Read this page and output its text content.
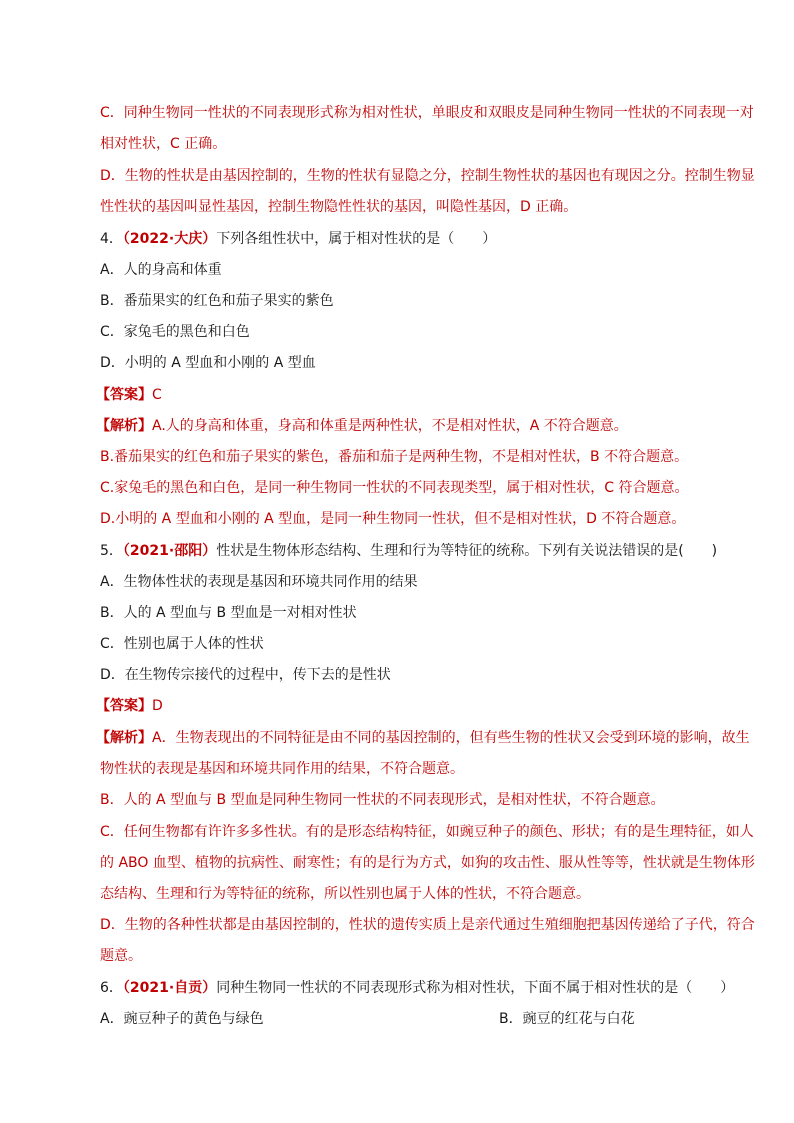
C．同种生物同一性状的不同表现形式称为相对性状，单眼皮和双眼皮是同种生物同一性状的不同表现一对
相对性状，C 正确。
D．生物的性状是由基因控制的，生物的性状有显隐之分，控制生物性状的基因也有现因之分。控制生物显
性性状的基因叫显性基因，控制生物隐性性状的基因，叫隐性基因，D 正确。
4．（2022·大庆）下列各组性状中，属于相对性状的是（　　）
A．人的身高和体重
B．番茄果实的红色和茄子果实的紫色
C．家兔毛的黑色和白色
D．小明的 A 型血和小刚的 A 型血
【答案】C
【解析】A.人的身高和体重，身高和体重是两种性状，不是相对性状，A 不符合题意。
B.番茄果实的红色和茄子果实的紫色，番茄和茄子是两种生物，不是相对性状，B 不符合题意。
C.家兔毛的黑色和白色，是同一种生物同一性状的不同表现类型，属于相对性状，C 符合题意。
D.小明的 A 型血和小刚的 A 型血，是同一种生物同一性状，但不是相对性状，D 不符合题意。
5．（2021·邵阳）性状是生物体形态结构、生理和行为等特征的统称。下列有关说法错误的是(　　)
A．生物体性状的表现是基因和环境共同作用的结果
B．人的 A 型血与 B 型血是一对相对性状
C．性别也属于人体的性状
D．在生物传宗接代的过程中，传下去的是性状
【答案】D
【解析】A．生物表现出的不同特征是由不同的基因控制的，但有些生物的性状又会受到环境的影响，故生
物性状的表现是基因和环境共同作用的结果，不符合题意。
B．人的 A 型血与 B 型血是同种生物同一性状的不同表现形式，是相对性状，不符合题意。
C．任何生物都有许许多多性状。有的是形态结构特征，如豌豆种子的颜色、形状；有的是生理特征，如人
的 ABO 血型、植物的抗病性、耐寒性；有的是行为方式，如狗的攻击性、服从性等等，性状就是生物体形
态结构、生理和行为等特征的统称，所以性别也属于人体的性状，不符合题意。
D．生物的各种性状都是由基因控制的，性状的遗传实质上是亲代通过生殖细胞把基因传递给了子代，符合
题意。
6．（2021·自贡）同种生物同一性状的不同表现形式称为相对性状，下面不属于相对性状的是（　　）
A．豌豆种子的黄色与绿色	B．豌豆的红花与白花
